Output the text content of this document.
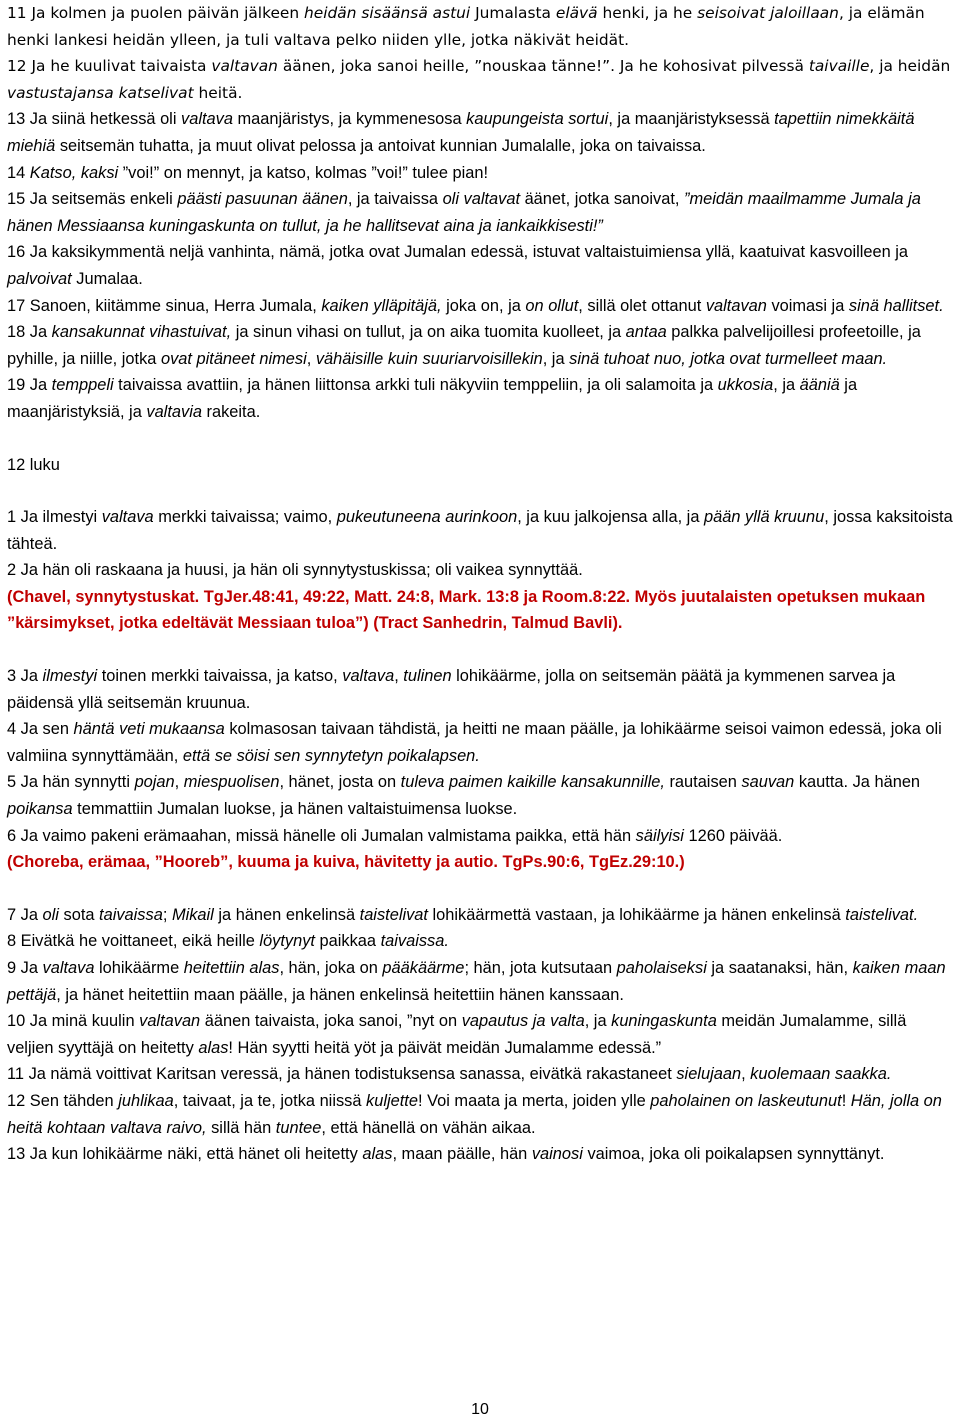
11 Ja kolmen ja puolen päivän jälkeen heidän sisäänsä astui Jumalasta elävä henki, ja he seisoivat jaloillaan, ja elämän henki lankesi heidän ylleen, ja tuli valtava pelko niiden ylle, jotka näkivät heidät.

12 Ja he kuulivat taivaista valtavan äänen, joka sanoi heille, ”nouskaa tänne!”. Ja he kohosivat pilvessä taivaille, ja heidän vastustajansa katselivat heitä.

13 Ja siinä hetkessä oli valtava maanjäristys, ja kymmenesosa kaupungeista sortui, ja maanjäristyksessä tapettiin nimekkäitä miehiä seitsemän tuhatta, ja muut olivat pelossa ja antoivat kunnian Jumalalle, joka on taivaissa.

14 Katso, kaksi ”voi!” on mennyt, ja katso, kolmas ”voi!” tulee pian!

15 Ja seitsemäs enkeli päästi pasuunan äänen, ja taivaissa oli valtavat äänet, jotka sanoivat, ”meidän maailmamme Jumala ja hänen Messiaansa kuningaskunta on tullut, ja he hallitsevat aina ja iankaikkisesti!”

16 Ja kaksikymmentä neljä vanhinta, nämä, jotka ovat Jumalan edessä, istuvat valtaistuimiensa yllä, kaatuivat kasvoilleen ja palvoivat Jumalaa.

17 Sanoen, kiitämme sinua, Herra Jumala, kaiken ylläpitäjä, joka on, ja on ollut, sillä olet ottanut valtavan voimasi ja sinä hallitset.

18 Ja kansakunnat vihastuivat, ja sinun vihasi on tullut, ja on aika tuomita kuolleet, ja antaa palkka palvelijoillesi profeetoille, ja pyhille, ja niille, jotka ovat pitäneet nimesi, vähäisille kuin suuriarvoisillekin, ja sinä tuhoat nuo, jotka ovat turmelleet maan.

19 Ja temppeli taivaissa avattiin, ja hänen liittonsa arkki tuli näkyviin temppeliin, ja oli salamoita ja ukkosia, ja ääniä ja maanjäristyksiä, ja valtavia rakeita.

12 luku

1 Ja ilmestyi valtava merkki taivaissa; vaimo, pukeutuneena aurinkoon, ja kuu jalkojensa alla, ja pään yllä kruunu, jossa kaksitoista tähteä.

2 Ja hän oli raskaana ja huusi, ja hän oli synnytystuskissa; oli vaikea synnyttää.

(Chavel, synnytystuskat. TgJer.48:41, 49:22, Matt. 24:8, Mark. 13:8 ja Room.8:22. Myös juutalaisten opetuksen mukaan ”kärsimykset, jotka edeltävät Messiaan tuloa”) (Tract Sanhedrin, Talmud Bavli).

3 Ja ilmestyi toinen merkki taivaissa, ja katso, valtava, tulinen lohikäärme, jolla on seitsemän päätä ja kymmenen sarvea ja päidensä yllä seitsemän kruunua.

4 Ja sen häntä veti mukaansa kolmasosan taivaan tähdistä, ja heitti ne maan päälle, ja lohikäärme seisoi vaimon edessä, joka oli valmiina synnyttämään, että se söisi sen synnytetyn poikalapsen.

5 Ja hän synnytti pojan, miespuolisen, hänet, josta on tuleva paimen kaikille kansakunnille, rautaisen sauvan kautta. Ja hänen poikansa temmattiin Jumalan luokse, ja hänen valtaistuimensa luokse.

6 Ja vaimo pakeni erämaahan, missä hänelle oli Jumalan valmistama paikka, että hän säilyisi 1260 päivää.

(Choreba, erämaa, ”Hooreb”, kuuma ja kuiva, hävitetty ja autio. TgPs.90:6, TgEz.29:10.)

7 Ja oli sota taivaissa; Mikail ja hänen enkelinsä taistelivat lohikäärmettä vastaan, ja lohikäärme ja hänen enkelinsä taistelivat.

8 Eivätkä he voittaneet, eikä heille löytynyt paikkaa taivaissa.

9 Ja valtava lohikäärme heitettiin alas, hän, joka on pääkäärme; hän, jota kutsutaan paholaiseksi ja saatanaksi, hän, kaiken maan pettäjä, ja hänet heitettiin maan päälle, ja hänen enkelinsä heitettiin hänen kanssaan.

10 Ja minä kuulin valtavan äänen taivaista, joka sanoi, ”nyt on vapautus ja valta, ja kuningaskunta meidän Jumalamme, sillä veljien syyttäjä on heitetty alas! Hän syytti heitä yöt ja päivät meidän Jumalamme edessä.”

11 Ja nämä voittivat Karitsan veressä, ja hänen todistuksensa sanassa, eivätkä rakastaneet sielujaan, kuolemaan saakka.

12 Sen tähden juhlikaa, taivaat, ja te, jotka niissä kuljette! Voi maata ja merta, joiden ylle paholainen on laskeutunut! Hän, jolla on heitä kohtaan valtava raivo, sillä hän tuntee, että hänellä on vähän aikaa.

13 Ja kun lohikäärme näki, että hänet oli heitetty alas, maan päälle, hän vainosi vaimoa, joka oli poikalapsen synnyttänyt.

10
